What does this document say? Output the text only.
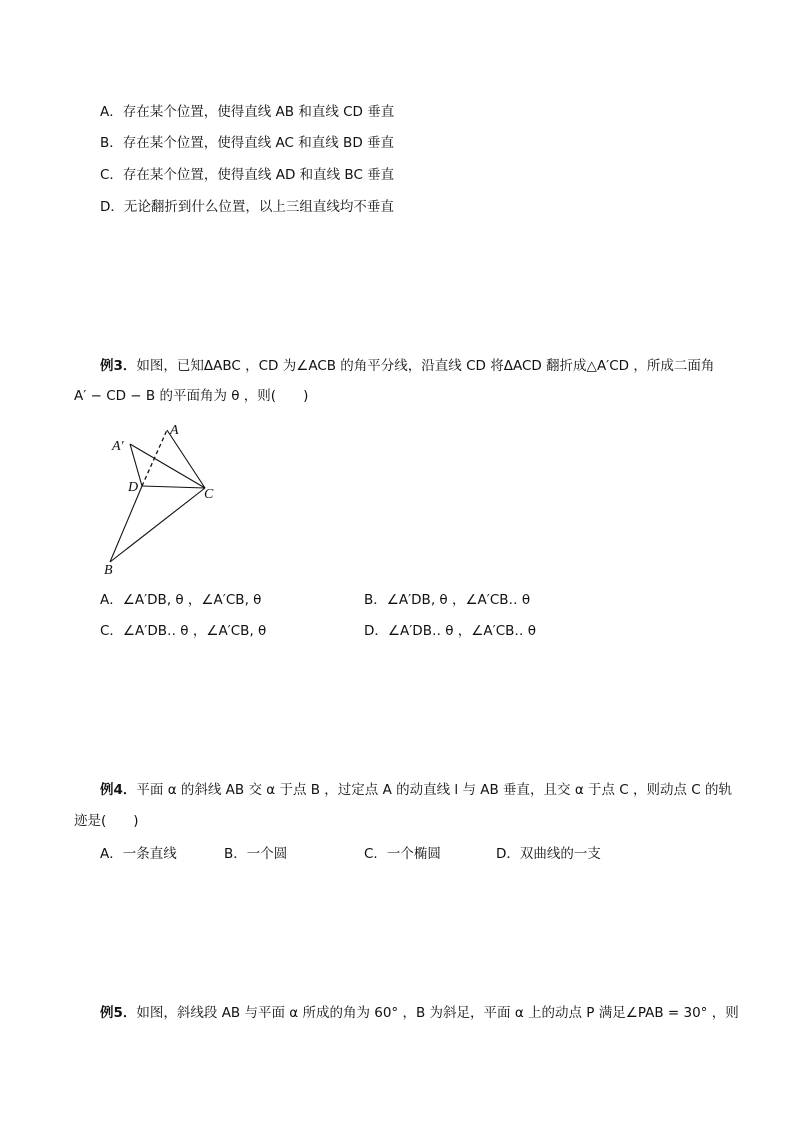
A．存在某个位置，使得直线 AB 和直线 CD 垂直
B．存在某个位置，使得直线 AC 和直线 BD 垂直
C．存在某个位置，使得直线 AD 和直线 BC 垂直
D．无论翻折到什么位置，以上三组直线均不垂直
例3．如图，已知ΔABC ，CD 为∠ACB 的角平分线，沿直线 CD 将ΔACD 翻折成△A′CD ，所成二面角
A′ − CD − B 的平面角为 θ ，则(　　)
A′
A
D	C
B
A．∠A′DB‚ θ ，∠A′CB‚ θ	B．∠A′DB‚ θ ，∠A′CB‥ θ
C．∠A′DB‥ θ ，∠A′CB‚ θ	D．∠A′DB‥ θ ，∠A′CB‥ θ
例4．平面 α 的斜线 AB 交 α 于点 B ，过定点 A 的动直线 l 与 AB 垂直，且交 α 于点 C ，则动点 C 的轨
迹是(　　)
A．一条直线	B．一个圆	C．一个椭圆	D．双曲线的一支
例5．如图，斜线段 AB 与平面 α 所成的角为 60° ，B 为斜足，平面 α 上的动点 P 满足∠PAB = 30° ，则
